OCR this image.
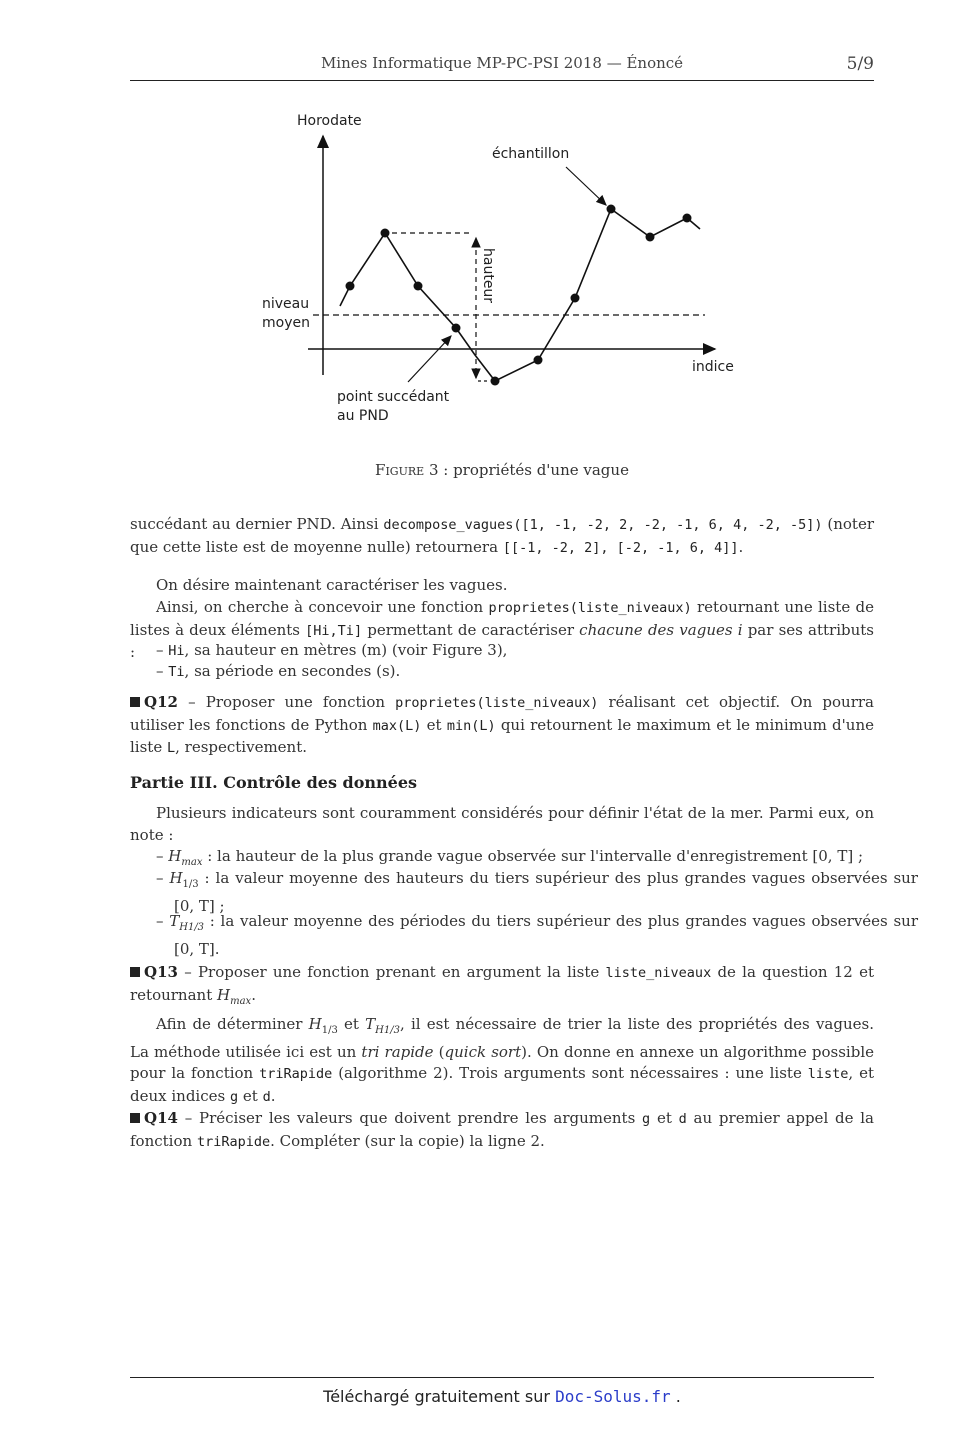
Mines Informatique MP-PC-PSI 2018 — Énoncé	5/9
Horodate
indice
niveau
moyen
hauteur
échantillon
point succédant
au PND
Figure 3 : propriétés d'une vague
succédant au dernier PND. Ainsi decompose_vagues([1, -1, -2, 2, -2, -1, 6, 4, -2, -5]) (noter que cette liste est de moyenne nulle) retournera [[-1, -2, 2], [-2, -1, 6, 4]].
On désire maintenant caractériser les vagues.
Ainsi, on cherche à concevoir une fonction proprietes(liste_niveaux) retournant une liste de listes à deux éléments [Hi,Ti] permettant de caractériser chacune des vagues i par ses attributs :	– Hi, sa hauteur en mètres (m) (voir Figure 3),
– Ti, sa période en secondes (s).
Q12 – Proposer une fonction proprietes(liste_niveaux) réalisant cet objectif. On pourra utiliser les fonctions de Python max(L) et min(L) qui retournent le maximum et le minimum d'une liste L, respectivement.
Partie III. Contrôle des données
Plusieurs indicateurs sont couramment considérés pour définir l'état de la mer. Parmi eux, on note :
– $H_{max}$ : la hauteur de la plus grande vague observée sur l'intervalle d'enregistrement [0, T] ;
– $H_{1/3}$ : la valeur moyenne des hauteurs du tiers supérieur des plus grandes vagues observées sur [0, T] ;
– $T_{H1/3}$ : la valeur moyenne des périodes du tiers supérieur des plus grandes vagues observées sur [0, T].
Q13 – Proposer une fonction prenant en argument la liste liste_niveaux de la question 12 et retournant $H_{max}$.
Afin de déterminer $H_{1/3}$ et $T_{H1/3}$, il est nécessaire de trier la liste des propriétés des vagues. La méthode utilisée ici est un tri rapide (quick sort). On donne en annexe un algorithme possible pour la fonction triRapide (algorithme 2). Trois arguments sont nécessaires : une liste liste, et deux indices g et d.
Q14 – Préciser les valeurs que doivent prendre les arguments g et d au premier appel de la fonction triRapide. Compléter (sur la copie) la ligne 2.
Téléchargé gratuitement sur Doc-Solus.fr .
